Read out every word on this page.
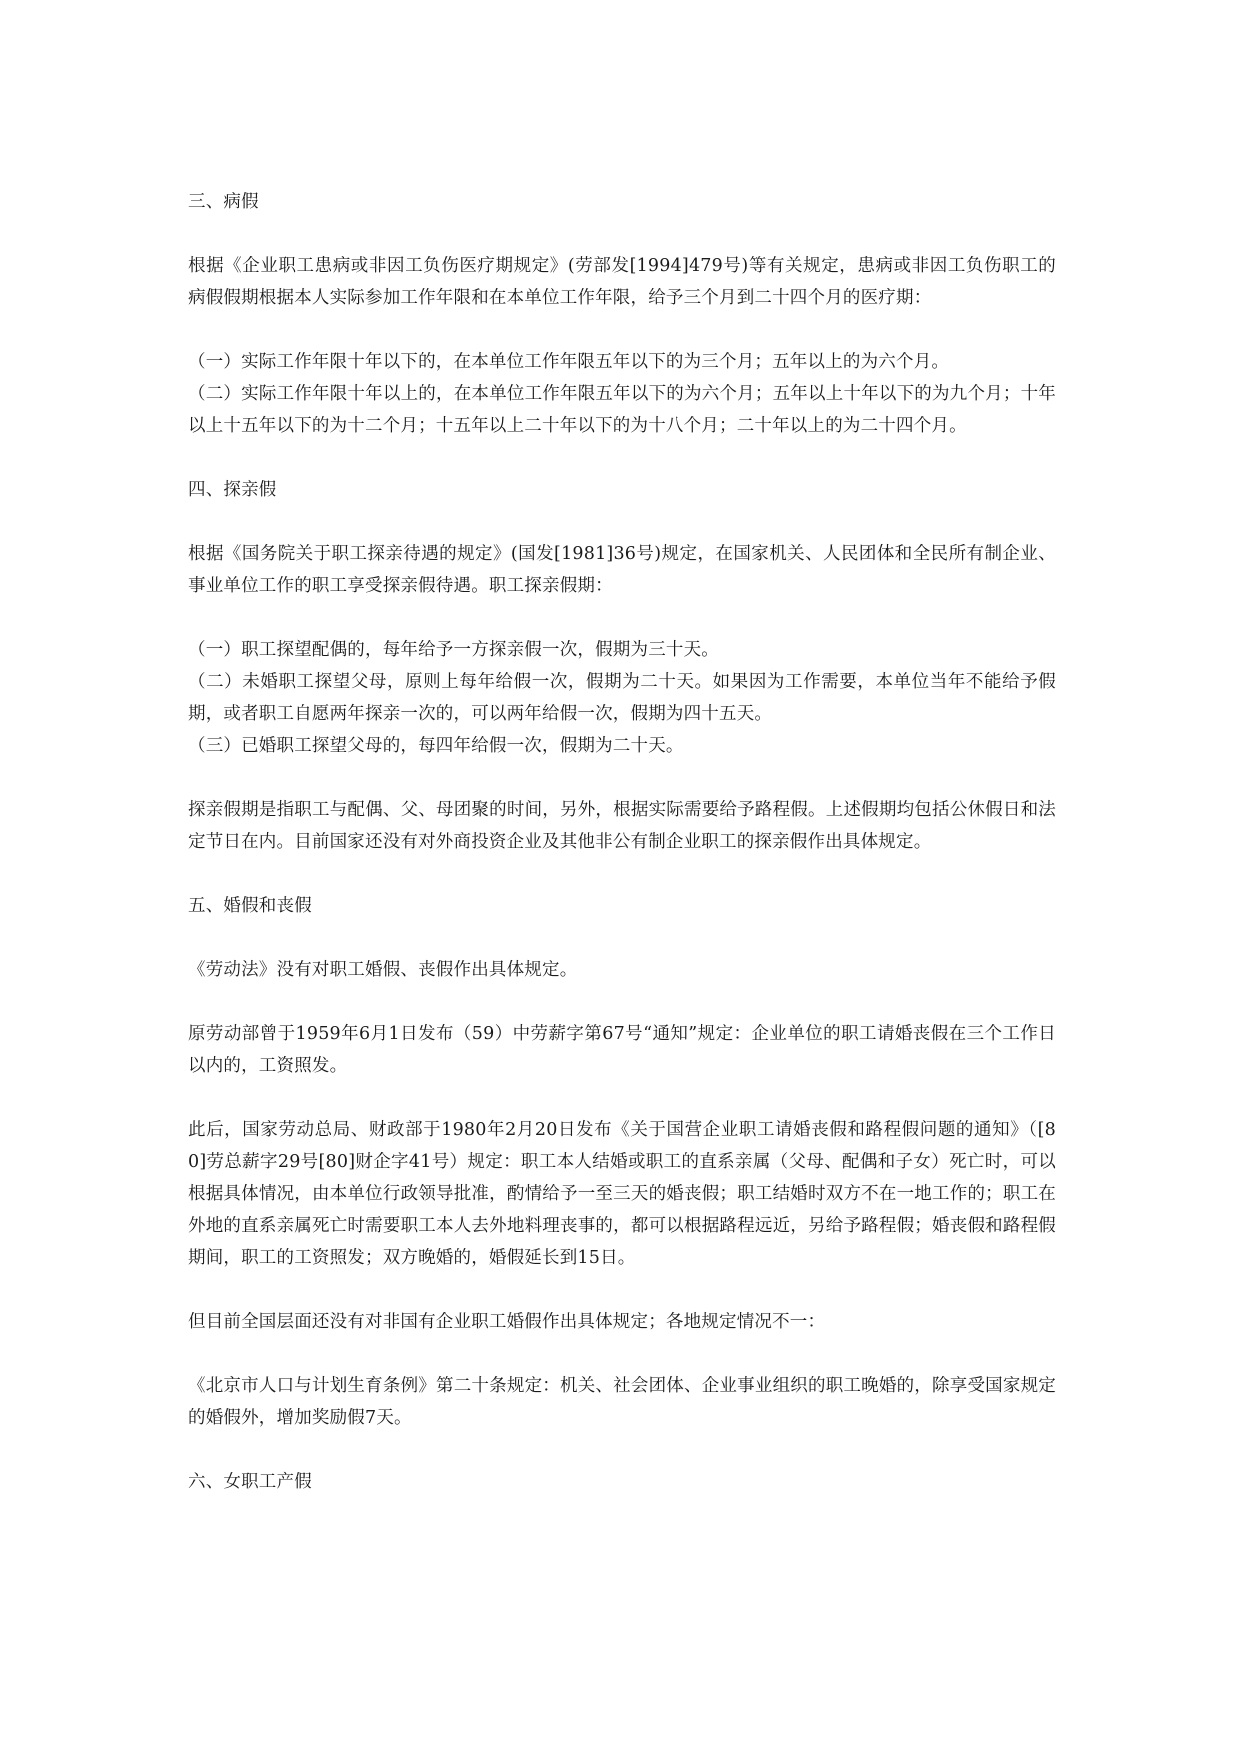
三、病假

根据《企业职工患病或非因工负伤医疗期规定》(劳部发[1994]479号)等有关规定，患病或非因工负伤职工的病假假期根据本人实际参加工作年限和在本单位工作年限，给予三个月到二十四个月的医疗期：

（一）实际工作年限十年以下的，在本单位工作年限五年以下的为三个月；五年以上的为六个月。

（二）实际工作年限十年以上的，在本单位工作年限五年以下的为六个月；五年以上十年以下的为九个月；十年以上十五年以下的为十二个月；十五年以上二十年以下的为十八个月；二十年以上的为二十四个月。

四、探亲假

根据《国务院关于职工探亲待遇的规定》(国发[1981]36号)规定，在国家机关、人民团体和全民所有制企业、事业单位工作的职工享受探亲假待遇。职工探亲假期：

（一）职工探望配偶的，每年给予一方探亲假一次，假期为三十天。

（二）未婚职工探望父母，原则上每年给假一次，假期为二十天。如果因为工作需要，本单位当年不能给予假期，或者职工自愿两年探亲一次的，可以两年给假一次，假期为四十五天。

（三）已婚职工探望父母的，每四年给假一次，假期为二十天。

探亲假期是指职工与配偶、父、母团聚的时间，另外，根据实际需要给予路程假。上述假期均包括公休假日和法定节日在内。目前国家还没有对外商投资企业及其他非公有制企业职工的探亲假作出具体规定。

五、婚假和丧假

《劳动法》没有对职工婚假、丧假作出具体规定。

原劳动部曾于1959年6月1日发布（59）中劳薪字第67号“通知”规定：企业单位的职工请婚丧假在三个工作日以内的，工资照发。

此后，国家劳动总局、财政部于1980年2月20日发布《关于国营企业职工请婚丧假和路程假问题的通知》（[80]劳总薪字29号[80]财企字41号）规定：职工本人结婚或职工的直系亲属（父母、配偶和子女）死亡时，可以根据具体情况，由本单位行政领导批准，酌情给予一至三天的婚丧假；职工结婚时双方不在一地工作的；职工在外地的直系亲属死亡时需要职工本人去外地料理丧事的，都可以根据路程远近，另给予路程假；婚丧假和路程假期间，职工的工资照发；双方晚婚的，婚假延长到15日。

但目前全国层面还没有对非国有企业职工婚假作出具体规定；各地规定情况不一：

《北京市人口与计划生育条例》第二十条规定：机关、社会团体、企业事业组织的职工晚婚的，除享受国家规定的婚假外，增加奖励假7天。

六、女职工产假
